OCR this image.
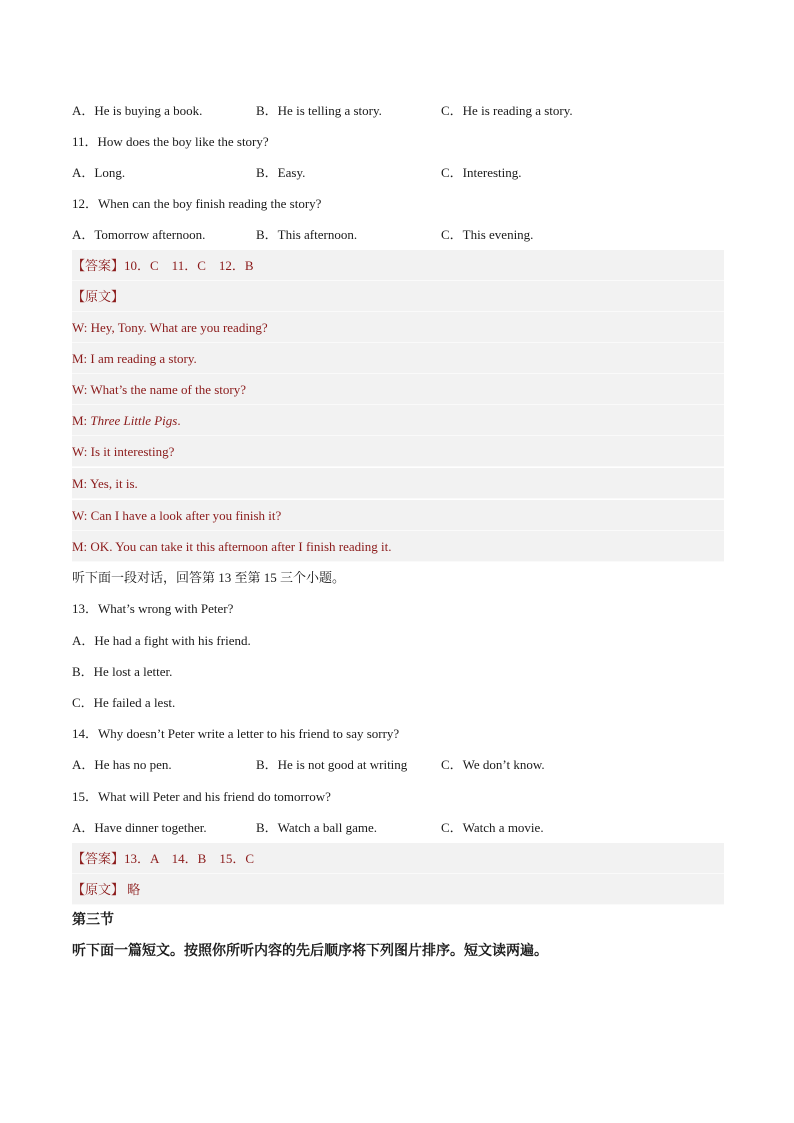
A．He is buying a book.	B．He is telling a story.	C．He is reading a story.
11．How does the boy like the story?
A．Long.	B．Easy.	C．Interesting.
12．When can the boy finish reading the story?
A．Tomorrow afternoon.	B．This afternoon.	C．This evening.
【答案】10．C　11．C　12．B
【原文】
W: Hey, Tony. What are you reading?
M: I am reading a story.
W: What’s the name of the story?
M: Three Little Pigs.
W: Is it interesting?
M: Yes, it is.
W: Can I have a look after you finish it?
M: OK. You can take it this afternoon after I finish reading it.
听下面一段对话，回答第 13 至第 15 三个小题。
13．What’s wrong with Peter?
A．He had a fight with his friend.
B．He lost a letter.
C．He failed a lest.
14．Why doesn’t Peter write a letter to his friend to say sorry?
A．He has no pen.	B．He is not good at writing	C．We don’t know.
15．What will Peter and his friend do tomorrow?
A．Have dinner together.	B．Watch a ball game.	C．Watch a movie.
【答案】13．A　14．B　15．C
【原文】 略
第三节
听下面一篇短文。按照你所听内容的先后顺序将下列图片排序。短文读两遍。
